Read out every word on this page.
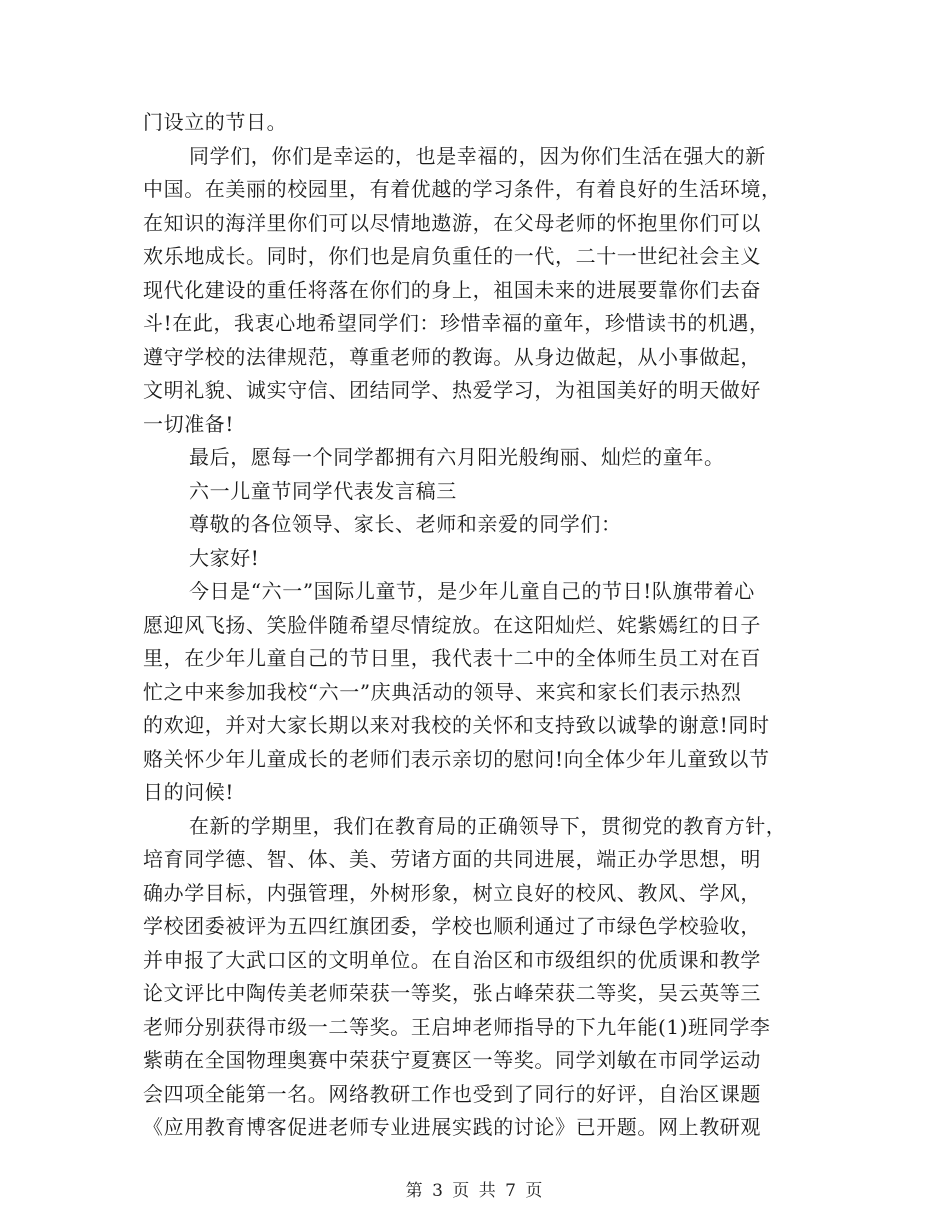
门设立的节日。
同学们，你们是幸运的，也是幸福的，因为你们生活在强大的新
中国。在美丽的校园里，有着优越的学习条件，有着良好的生活环境，
在知识的海洋里你们可以尽情地遨游，在父母老师的怀抱里你们可以
欢乐地成长。同时，你们也是肩负重任的一代，二十一世纪社会主义
现代化建设的重任将落在你们的身上，祖国未来的进展要靠你们去奋
斗!在此，我衷心地希望同学们：珍惜幸福的童年，珍惜读书的机遇，
遵守学校的法律规范，尊重老师的教诲。从身边做起，从小事做起，
文明礼貌、诚实守信、团结同学、热爱学习，为祖国美好的明天做好
一切准备!
最后，愿每一个同学都拥有六月阳光般绚丽、灿烂的童年。
六一儿童节同学代表发言稿三
尊敬的各位领导、家长、老师和亲爱的同学们：
大家好!
今日是“六一”国际儿童节，是少年儿童自己的节日!队旗带着心
愿迎风飞扬、笑脸伴随希望尽情绽放。在这阳灿烂、姹紫嫣红的日子
里，在少年儿童自己的节日里，我代表十二中的全体师生员工对在百
忙之中来参加我校“六一”庆典活动的领导、来宾和家长们表示热烈
的欢迎，并对大家长期以来对我校的关怀和支持致以诚挚的谢意!同时
赂关怀少年儿童成长的老师们表示亲切的慰问!向全体少年儿童致以节
日的问候!
在新的学期里，我们在教育局的正确领导下，贯彻党的教育方针，
培育同学德、智、体、美、劳诸方面的共同进展，端正办学思想，明
确办学目标，内强管理，外树形象，树立良好的校风、教风、学风，
学校团委被评为五四红旗团委，学校也顺利通过了市绿色学校验收，
并申报了大武口区的文明单位。在自治区和市级组织的优质课和教学
论文评比中陶传美老师荣获一等奖，张占峰荣获二等奖，吴云英等三
老师分别获得市级一二等奖。王启坤老师指导的下九年能(1)班同学李
紫萌在全国物理奥赛中荣获宁夏赛区一等奖。同学刘敏在市同学运动
会四项全能第一名。网络教研工作也受到了同行的好评，自治区课题
《应用教育博客促进老师专业进展实践的讨论》已开题。网上教研观
第 3 页 共 7 页
